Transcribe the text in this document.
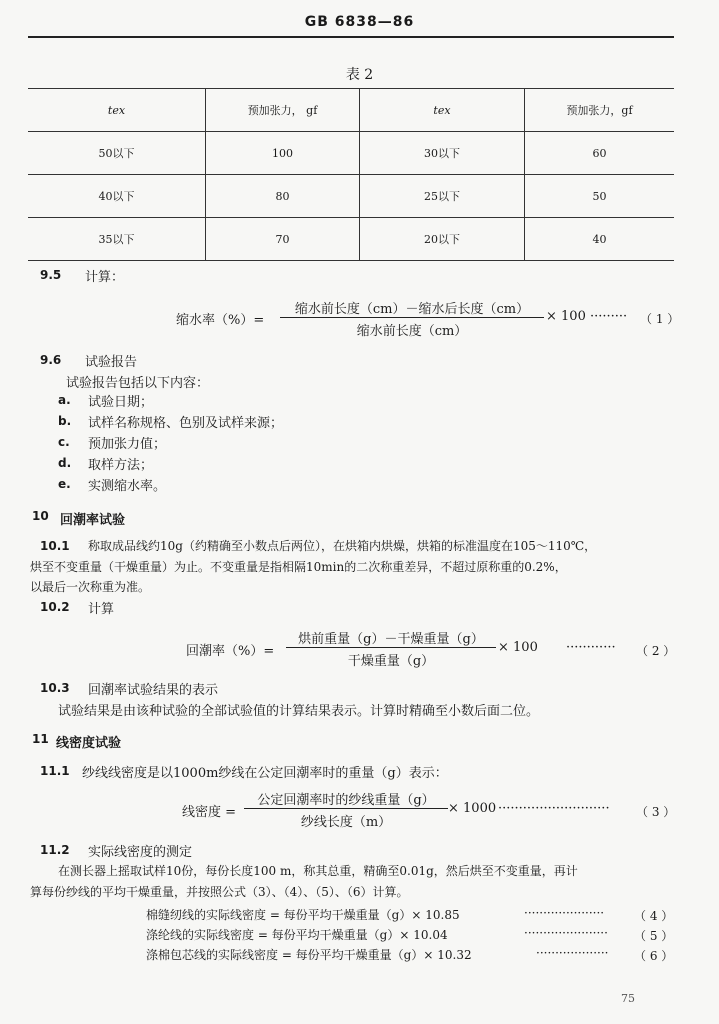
GB 6838—86
表 2
tex	预加张力， gf	tex	预加张力，gf
50以下	100	30以下	60
40以下	80	25以下	50
35以下	70	20以下	40
9.5 计算：
缩水率（%）=
缩水前长度（cm）－缩水后长度（cm）
缩水前长度（cm）
× 100 ········· （ 1 ）
9.6 试验报告
试验报告包括以下内容：
a. 试验日期；
b. 试样名称规格、色别及试样来源；
c. 预加张力值；
d. 取样方法；
e. 实测缩水率。
10 回潮率试验
10.1 称取成品线约10g（约精确至小数点后两位），在烘箱内烘燥，烘箱的标准温度在105～110℃，
烘至不变重量（干燥重量）为止。不变重量是指相隔10min的二次称重差异，不超过原称重的0.2%，
以最后一次称重为准。
10.2 计算
回潮率（%）=
烘前重量（g）－干燥重量（g）
干燥重量（g）
× 100 ············ （ 2 ）
10.3 回潮率试验结果的表示
试验结果是由该种试验的全部试验值的计算结果表示。计算时精确至小数后面二位。
11 线密度试验
11.1 纱线线密度是以1000m纱线在公定回潮率时的重量（g）表示：
线密度 =
公定回潮率时的纱线重量（g）
纱线长度（m）
× 1000 ··························· （ 3 ）
11.2 实际线密度的测定
在测长器上摇取试样10份，每份长度100 m，称其总重，精确至0.01g，然后烘至不变重量，再计
算每份纱线的平均干燥重量，并按照公式（3）、（4）、（5）、（6）计算。
棉缝纫线的实际线密度 = 每份平均干燥重量（g）× 10.85	····················· （ 4 ）
涤纶线的实际线密度 = 每份平均干燥重量（g）× 10.04	······················ （ 5 ）
涤棉包芯线的实际线密度 = 每份平均干燥重量（g）× 10.32	··················· （ 6 ）
75
